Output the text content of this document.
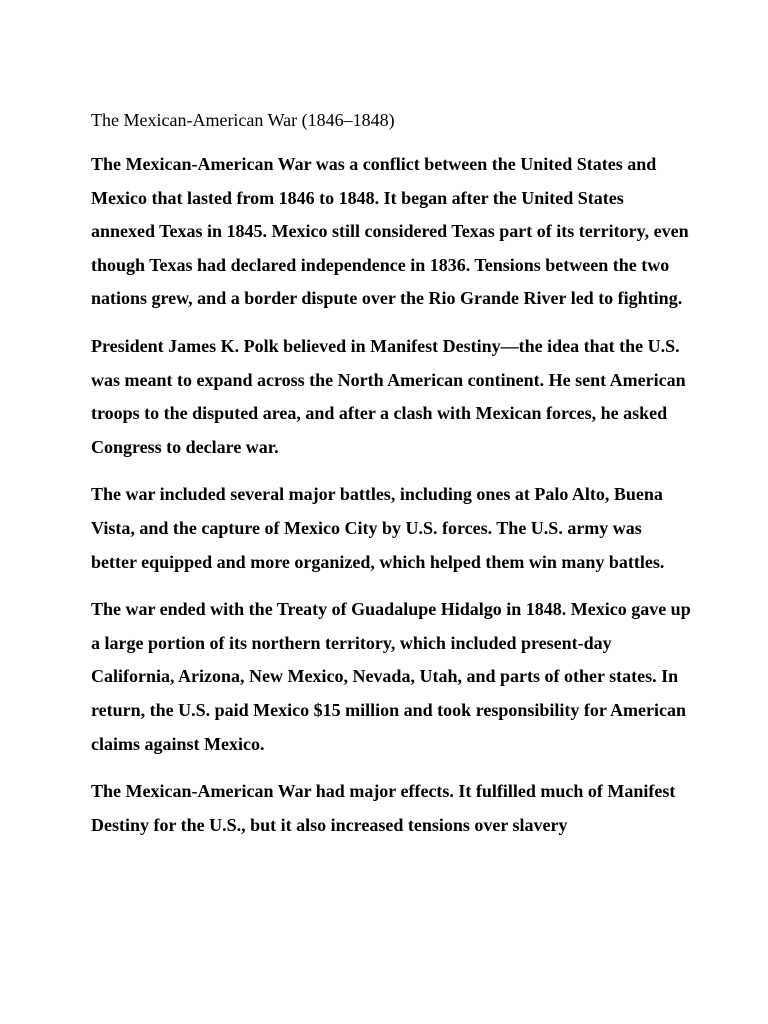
The Mexican-American War (1846–1848)

The Mexican-American War was a conflict between the United States and Mexico that lasted from 1846 to 1848. It began after the United States annexed Texas in 1845. Mexico still considered Texas part of its territory, even though Texas had declared independence in 1836. Tensions between the two nations grew, and a border dispute over the Rio Grande River led to fighting.

President James K. Polk believed in Manifest Destiny—the idea that the U.S. was meant to expand across the North American continent. He sent American troops to the disputed area, and after a clash with Mexican forces, he asked Congress to declare war.

The war included several major battles, including ones at Palo Alto, Buena Vista, and the capture of Mexico City by U.S. forces. The U.S. army was better equipped and more organized, which helped them win many battles.

The war ended with the Treaty of Guadalupe Hidalgo in 1848. Mexico gave up a large portion of its northern territory, which included present-day California, Arizona, New Mexico, Nevada, Utah, and parts of other states. In return, the U.S. paid Mexico $15 million and took responsibility for American claims against Mexico.

The Mexican-American War had major effects. It fulfilled much of Manifest Destiny for the U.S., but it also increased tensions over slavery
